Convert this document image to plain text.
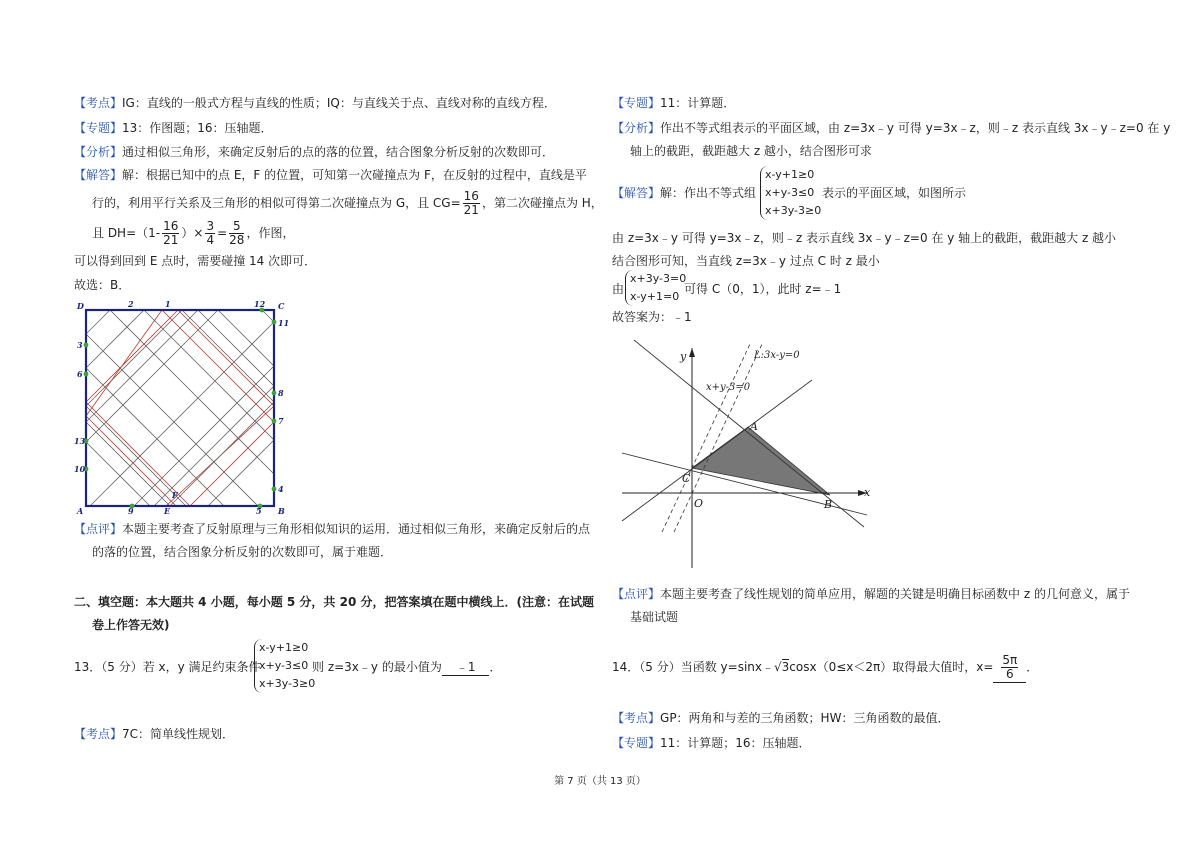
【考点】IG：直线的一般式方程与直线的性质；IQ：与直线关于点、直线对称的直线方程．
【专题】13：作图题；16：压轴题．
【分析】通过相似三角形，来确定反射后的点的落的位置，结合图象分析反射的次数即可．
【解答】解：根据已知中的点 E，F 的位置，可知第一次碰撞点为 F，在反射的过程中，直线是平
行的，利用平行关系及三角形的相似可得第二次碰撞点为 G，且 $CG= \frac{16}{21}$ ，第二次碰撞点为 H，
且 $DH=(1- \frac{16}{21}$ ）× $\frac{3}{4} = \frac{5}{28}$ ，作图，
可以得到回到 E 点时，需要碰撞 14 次即可．
故选：B．
D	C
A	B
E
F
2	1	12
11
8
7
4
3
6
13
10
9	5
【点评】本题主要考查了反射原理与三角形相似知识的运用．通过相似三角形，来确定反射后的点
的落的位置，结合图象分析反射的次数即可，属于难题．
二、填空题：本大题共 4 小题，每小题 5 分，共 20 分，把答案填在题中横线上．(注意：在试题
卷上作答无效)
13．（5 分）若 x，y 满足约束条件
x-y+1≥0
x+y-3≤0
x+3y-3≥0
则 z=3x﹣y 的最小值为 ﹣1 ．
【考点】7C：简单线性规划．
【专题】11：计算题．
【分析】作出不等式组表示的平面区域，由 z=3x﹣y 可得 y=3x﹣z，则﹣z 表示直线 3x﹣y﹣z=0 在 y
轴上的截距，截距越大 z 越小，结合图形可求
【解答】解：作出不等式组
x-y+1≥0
x+y-3≤0
x+3y-3≥0
表示的平面区域，如图所示
由 z=3x﹣y 可得 y=3x﹣z，则﹣z 表示直线 3x﹣y﹣z=0 在 y 轴上的截距，截距越大 z 越小
结合图形可知，当直线 z=3x﹣y 过点 C 时 z 最小
由
x+3y-3=0
x-y+1=0
可得 C（0，1），此时 z=﹣1
故答案为：﹣1
y
x
O
A
B
C
L:3x-y=0
x+y-3=0
【点评】本题主要考查了线性规划的简单应用，解题的关键是明确目标函数中 z 的几何意义，属于
基础试题
14．（5 分）当函数 y=sinx﹣√3cosx（0≤x＜2π）取得最大值时，$x= \frac{5\pi}{6}$ ．
【考点】GP：两角和与差的三角函数；HW：三角函数的最值．
【专题】11：计算题；16：压轴题．
第 7 页（共 13 页）
